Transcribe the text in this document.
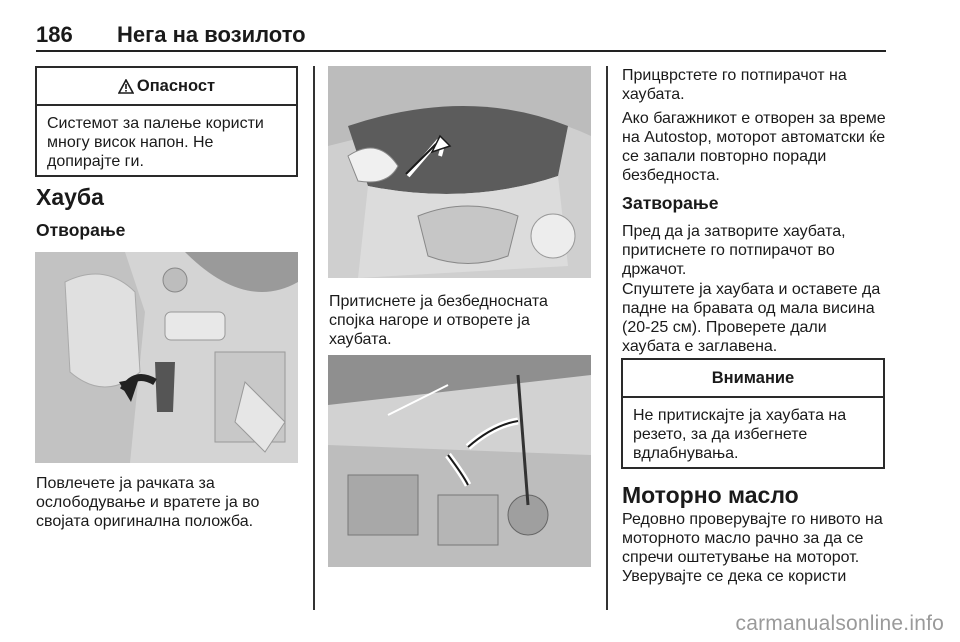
186 Нега на возилото
Опасност
Системот за палење користи многу висок напон. Не допирајте ги.
Хауба
Отворање
Повлечете ја рачката за ослободување и вратете ја во својата оригинална положба.
Притиснете ја безбедносната спојка нагоре и отворете ја хаубата.
Прицврстете го потпирачот на хаубата.
Ако багажникот е отворен за време на Autostop, моторот автоматски ќе се запали повторно поради безбедноста.
Затворање
Пред да ја затворите хаубата, притиснете го потпирачот во држачот.
Спуштете ја хаубата и оставете да падне на бравата од мала висина (20-25 см). Проверете дали хаубата е заглавена.
Внимание
Не притискајте ја хаубата на резето, за да избегнете вдлабнувања.
Моторно масло
Редовно проверувајте го нивото на моторното масло рачно за да се спречи оштетување на моторот. Уверувајте се дека се користи
carmanualsonline.info
